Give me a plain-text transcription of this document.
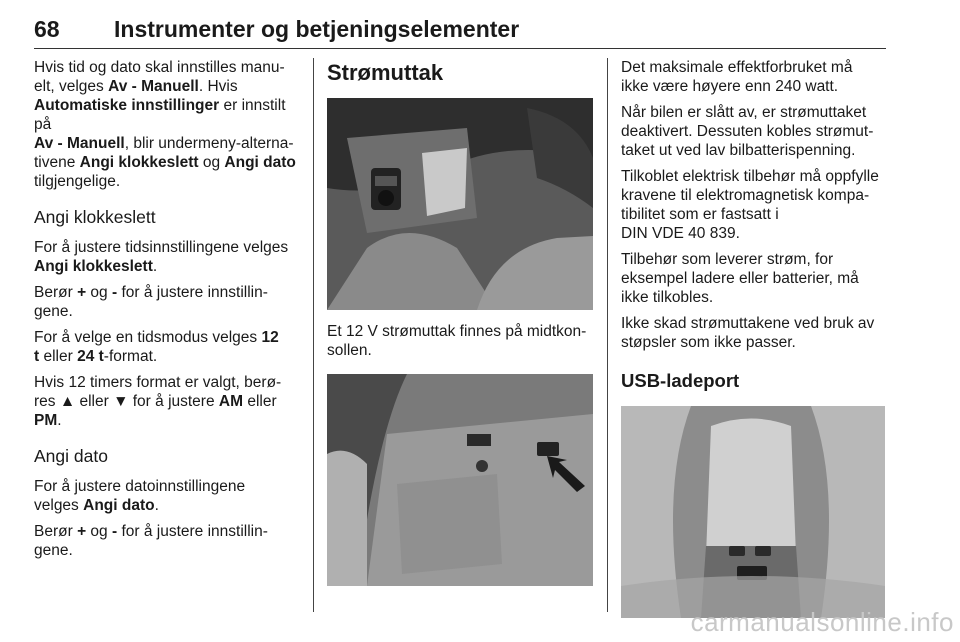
68 Instrumenter og betjeningselementer

Hvis tid og dato skal innstilles manu-
elt, velges Av - Manuell. Hvis
Automatiske innstillinger er innstilt på
Av - Manuell, blir undermeny-alterna-
tivene Angi klokkeslett og Angi dato
tilgjengelige.

Angi klokkeslett

For å justere tidsinnstillingene velges
Angi klokkeslett.

Berør + og - for å justere innstillin-
gene.

For å velge en tidsmodus velges 12
t eller 24 t-format.

Hvis 12 timers format er valgt, berø-
res ▲ eller ▼ for å justere AM eller
PM.

Angi dato

For å justere datoinnstillingene
velges Angi dato.

Berør + og - for å justere innstillin-
gene.

Strømuttak

Et 12 V strømuttak finnes på midtkon-
sollen.

Det maksimale effektforbruket må
ikke være høyere enn 240 watt.

Når bilen er slått av, er strømuttaket
deaktivert. Dessuten kobles strømut-
taket ut ved lav bilbatterispenning.

Tilkoblet elektrisk tilbehør må oppfylle
kravene til elektromagnetisk kompa-
tibilitet som er fastsatt i
DIN VDE 40 839.

Tilbehør som leverer strøm, for
eksempel ladere eller batterier, må
ikke tilkobles.

Ikke skad strømuttakene ved bruk av
støpsler som ikke passer.

USB-ladeport
carmanualsonline.info
